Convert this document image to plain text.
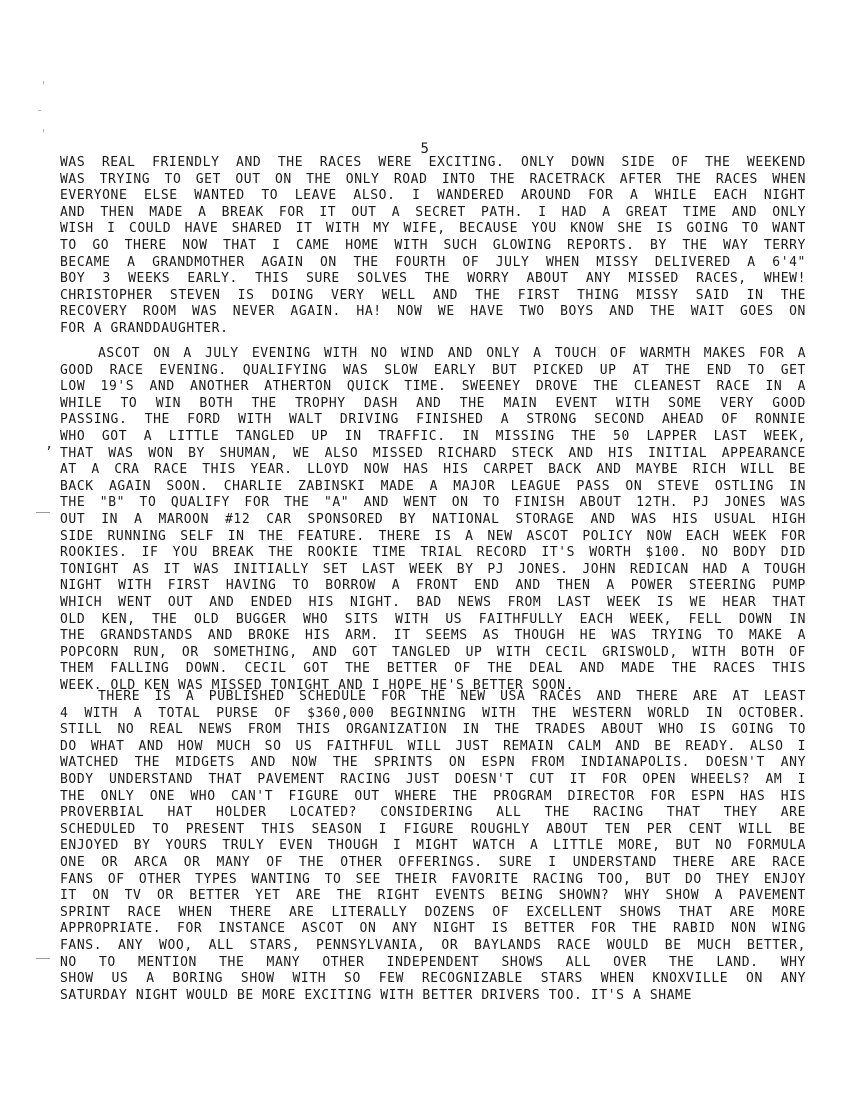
'
-
'
,
5
WAS REAL FRIENDLY AND THE RACES WERE EXCITING. ONLY DOWN SIDE OF THE WEEKEND
WAS TRYING TO GET OUT ON THE ONLY ROAD INTO THE RACETRACK AFTER THE RACES WHEN
EVERYONE ELSE WANTED TO LEAVE ALSO. I WANDERED AROUND FOR A WHILE EACH NIGHT
AND THEN MADE A BREAK FOR IT OUT A SECRET PATH. I HAD A GREAT TIME AND ONLY
WISH I COULD HAVE SHARED IT WITH MY WIFE, BECAUSE YOU KNOW SHE IS GOING TO WANT
TO GO THERE NOW THAT I CAME HOME WITH SUCH GLOWING REPORTS. BY THE WAY TERRY
BECAME A GRANDMOTHER AGAIN ON THE FOURTH OF JULY WHEN MISSY DELIVERED A 6'4"
BOY 3 WEEKS EARLY. THIS SURE SOLVES THE WORRY ABOUT ANY MISSED RACES, WHEW!
CHRISTOPHER STEVEN IS DOING VERY WELL AND THE FIRST THING MISSY SAID IN THE
RECOVERY ROOM WAS NEVER AGAIN. HA! NOW WE HAVE TWO BOYS AND THE WAIT GOES ON
FOR A GRANDDAUGHTER.
ASCOT ON A JULY EVENING WITH NO WIND AND ONLY A TOUCH OF WARMTH MAKES FOR A
GOOD RACE EVENING. QUALIFYING WAS SLOW EARLY BUT PICKED UP AT THE END TO GET
LOW 19'S AND ANOTHER ATHERTON QUICK TIME. SWEENEY DROVE THE CLEANEST RACE IN A
WHILE TO WIN BOTH THE TROPHY DASH AND THE MAIN EVENT WITH SOME VERY GOOD
PASSING. THE FORD WITH WALT DRIVING FINISHED A STRONG SECOND AHEAD OF RONNIE
WHO GOT A LITTLE TANGLED UP IN TRAFFIC. IN MISSING THE 50 LAPPER LAST WEEK,
THAT WAS WON BY SHUMAN, WE ALSO MISSED RICHARD STECK AND HIS INITIAL APPEARANCE
AT A CRA RACE THIS YEAR. LLOYD NOW HAS HIS CARPET BACK AND MAYBE RICH WILL BE
BACK AGAIN SOON. CHARLIE ZABINSKI MADE A MAJOR LEAGUE PASS ON STEVE OSTLING IN
THE "B" TO QUALIFY FOR THE "A" AND WENT ON TO FINISH ABOUT 12TH. PJ JONES WAS
OUT IN A MAROON #12 CAR SPONSORED BY NATIONAL STORAGE AND WAS HIS USUAL HIGH
SIDE RUNNING SELF IN THE FEATURE. THERE IS A NEW ASCOT POLICY NOW EACH WEEK FOR
ROOKIES. IF YOU BREAK THE ROOKIE TIME TRIAL RECORD IT'S WORTH $100. NO BODY DID
TONIGHT AS IT WAS INITIALLY SET LAST WEEK BY PJ JONES. JOHN REDICAN HAD A TOUGH
NIGHT WITH FIRST HAVING TO BORROW A FRONT END AND THEN A POWER STEERING PUMP
WHICH WENT OUT AND ENDED HIS NIGHT. BAD NEWS FROM LAST WEEK IS WE HEAR THAT
OLD KEN, THE OLD BUGGER WHO SITS WITH US FAITHFULLY EACH WEEK, FELL DOWN IN
THE GRANDSTANDS AND BROKE HIS ARM. IT SEEMS AS THOUGH HE WAS TRYING TO MAKE A
POPCORN RUN, OR SOMETHING, AND GOT TANGLED UP WITH CECIL GRISWOLD, WITH BOTH OF
THEM FALLING DOWN. CECIL GOT THE BETTER OF THE DEAL AND MADE THE RACES THIS
WEEK. OLD KEN WAS MISSED TONIGHT AND I HOPE HE'S BETTER SOON.
THERE IS A PUBLISHED SCHEDULE FOR THE NEW USA RACES AND THERE ARE AT LEAST
4 WITH A TOTAL PURSE OF $360,000 BEGINNING WITH THE WESTERN WORLD IN OCTOBER.
STILL NO REAL NEWS FROM THIS ORGANIZATION IN THE TRADES ABOUT WHO IS GOING TO
DO WHAT AND HOW MUCH SO US FAITHFUL WILL JUST REMAIN CALM AND BE READY. ALSO I
WATCHED THE MIDGETS AND NOW THE SPRINTS ON ESPN FROM INDIANAPOLIS. DOESN'T ANY
BODY UNDERSTAND THAT PAVEMENT RACING JUST DOESN'T CUT IT FOR OPEN WHEELS? AM I
THE ONLY ONE WHO CAN'T FIGURE OUT WHERE THE PROGRAM DIRECTOR FOR ESPN HAS HIS
PROVERBIAL HAT HOLDER LOCATED? CONSIDERING ALL THE RACING THAT THEY ARE
SCHEDULED TO PRESENT THIS SEASON I FIGURE ROUGHLY ABOUT TEN PER CENT WILL BE
ENJOYED BY YOURS TRULY EVEN THOUGH I MIGHT WATCH A LITTLE MORE, BUT NO FORMULA
ONE OR ARCA OR MANY OF THE OTHER OFFERINGS. SURE I UNDERSTAND THERE ARE RACE
FANS OF OTHER TYPES WANTING TO SEE THEIR FAVORITE RACING TOO, BUT DO THEY ENJOY
IT ON TV OR BETTER YET ARE THE RIGHT EVENTS BEING SHOWN? WHY SHOW A PAVEMENT
SPRINT RACE WHEN THERE ARE LITERALLY DOZENS OF EXCELLENT SHOWS THAT ARE MORE
APPROPRIATE. FOR INSTANCE ASCOT ON ANY NIGHT IS BETTER FOR THE RABID NON WING
FANS. ANY WOO, ALL STARS, PENNSYLVANIA, OR BAYLANDS RACE WOULD BE MUCH BETTER,
NO TO MENTION THE MANY OTHER INDEPENDENT SHOWS ALL OVER THE LAND. WHY
SHOW US A BORING SHOW WITH SO FEW RECOGNIZABLE STARS WHEN KNOXVILLE ON ANY
SATURDAY NIGHT WOULD BE MORE EXCITING WITH BETTER DRIVERS TOO. IT'S A SHAME
